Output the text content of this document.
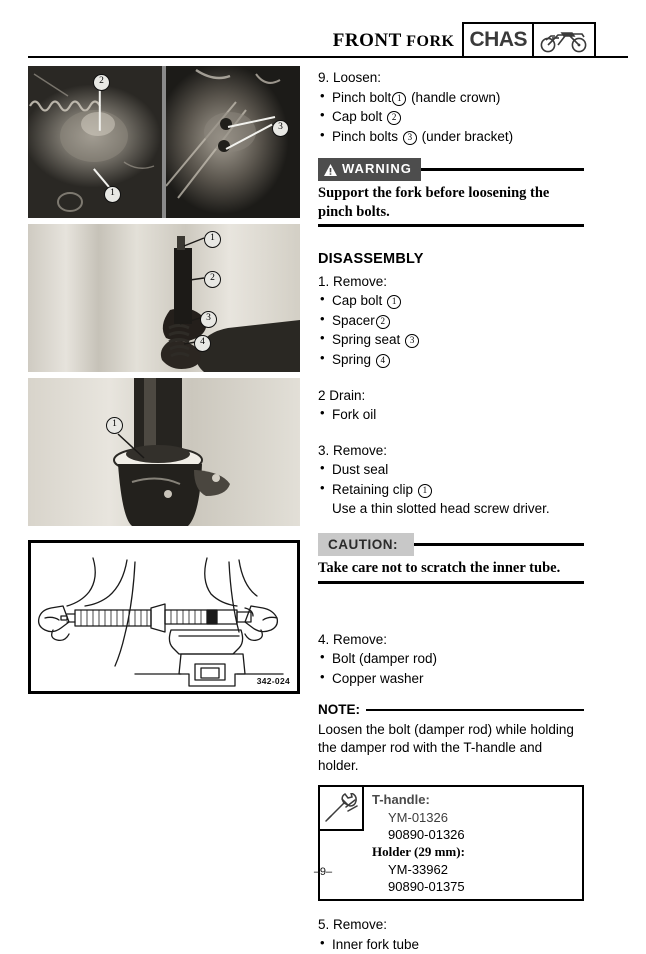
FRONT FORK CHAS
2
1
3
1
2
3
4
1
342-024
9. Loosen:
• Pinch bolt 1 (handle crown)
• Cap bolt 2
• Pinch bolts 3 (under bracket)
WARNING
Support the fork before loosening the pinch bolts.
DISASSEMBLY
1. Remove:
• Cap bolt 1
• Spacer 2
• Spring seat 3
• Spring 4
2 Drain:
• Fork oil
3. Remove:
• Dust seal
• Retaining clip 1
Use a thin slotted head screw driver.
CAUTION:
Take care not to scratch the inner tube.
4. Remove:
• Bolt (damper rod)
• Copper washer
NOTE:
Loosen the bolt (damper rod) while holding
the damper rod with the T-handle and holder.
T-handle:
YM-01326
90890-01326
Holder (29 mm):
YM-33962
90890-01375
5. Remove:
• Inner fork tube
–9–
